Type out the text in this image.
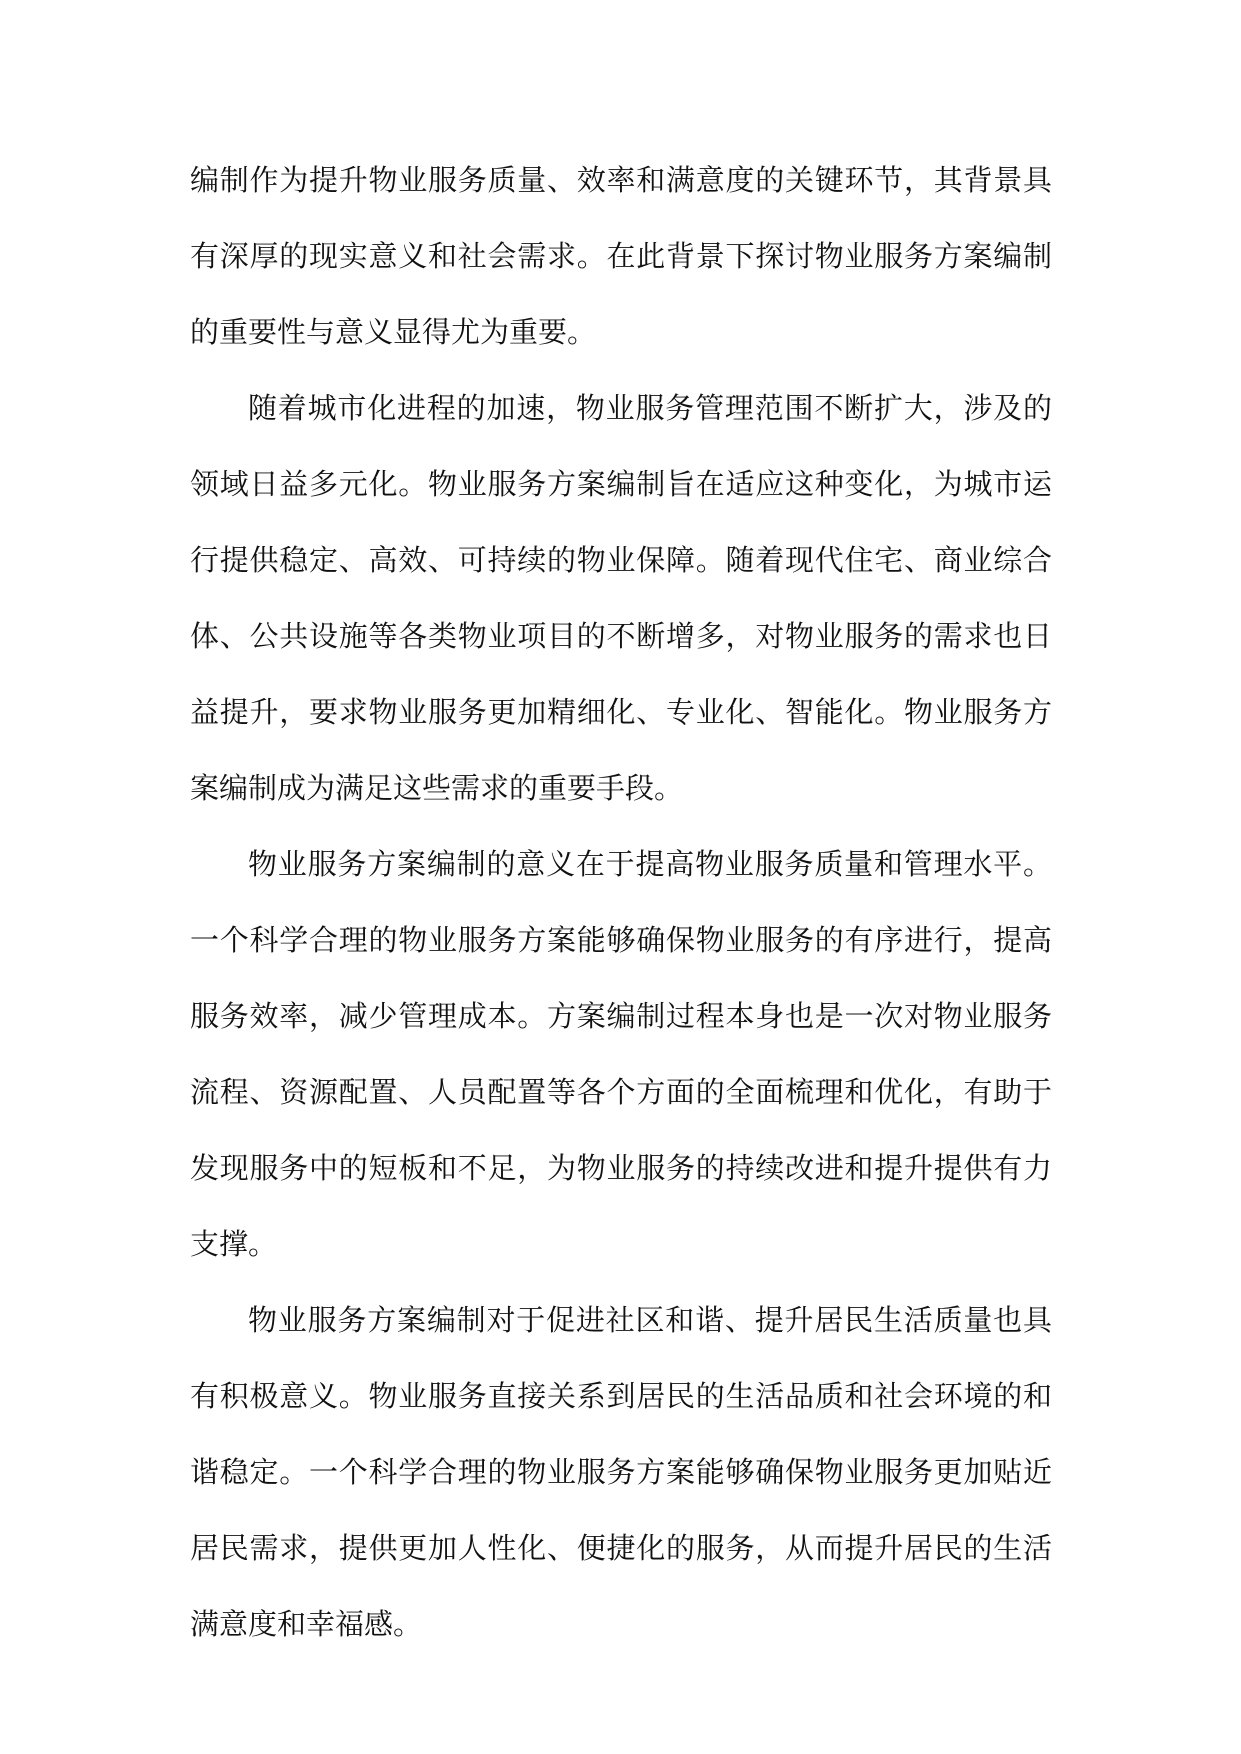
编制作为提升物业服务质量、效率和满意度的关键环节，其背景具有深厚的现实意义和社会需求。在此背景下探讨物业服务方案编制的重要性与意义显得尤为重要。

随着城市化进程的加速，物业服务管理范围不断扩大，涉及的领域日益多元化。物业服务方案编制旨在适应这种变化，为城市运行提供稳定、高效、可持续的物业保障。随着现代住宅、商业综合体、公共设施等各类物业项目的不断增多，对物业服务的需求也日益提升，要求物业服务更加精细化、专业化、智能化。物业服务方案编制成为满足这些需求的重要手段。

物业服务方案编制的意义在于提高物业服务质量和管理水平。一个科学合理的物业服务方案能够确保物业服务的有序进行，提高服务效率，减少管理成本。方案编制过程本身也是一次对物业服务流程、资源配置、人员配置等各个方面的全面梳理和优化，有助于发现服务中的短板和不足，为物业服务的持续改进和提升提供有力支撑。

物业服务方案编制对于促进社区和谐、提升居民生活质量也具有积极意义。物业服务直接关系到居民的生活品质和社会环境的和谐稳定。一个科学合理的物业服务方案能够确保物业服务更加贴近居民需求，提供更加人性化、便捷化的服务，从而提升居民的生活满意度和幸福感。
